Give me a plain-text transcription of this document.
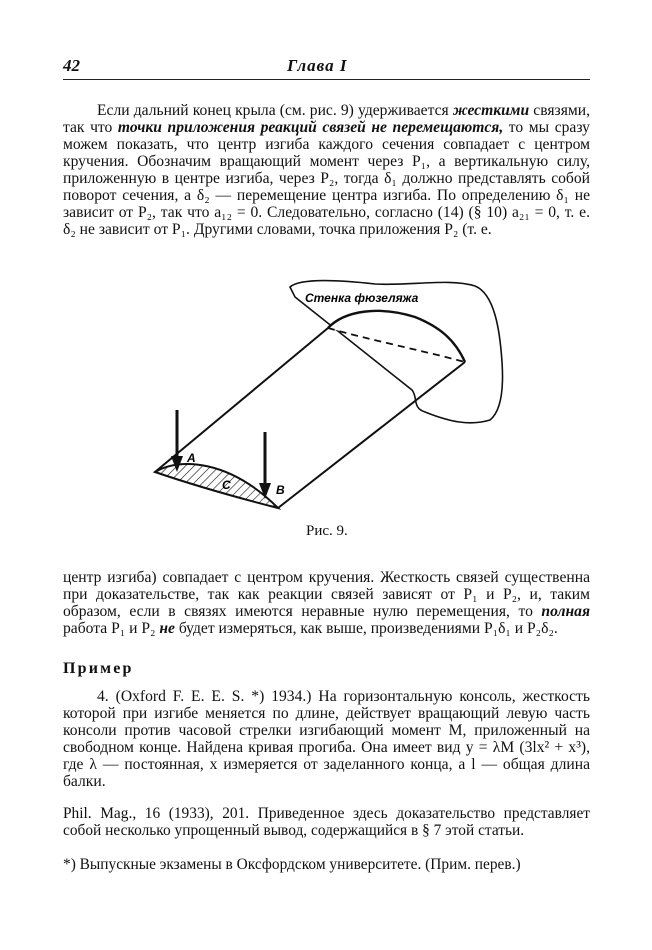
42	Глава I
Если дальний конец крыла (см. рис. 9) удерживается жесткими связями, так что точки приложения реакций связей не перемещаются, то мы сразу можем показать, что центр изгиба каждого сечения совпадает с центром кручения. Обозначим вращающий момент через P₁, а вертикальную силу, приложенную в центре изгиба, через P₂, тогда δ₁ должно представлять собой поворот сечения, а δ₂ — перемещение центра изгиба. По определению δ₁ не зависит от P₂, так что a₁₂ = 0. Следовательно, согласно (14) (§ 10) a₂₁ = 0, т. е. δ₂ не зависит от P₁. Другими словами, точка приложения P₂ (т. е.
Стенка фюзеляжа
A
C	B
Рис. 9.
центр изгиба) совпадает с центром кручения. Жесткость связей существенна при доказательстве, так как реакции связей зависят от P₁ и P₂, и, таким образом, если в связях имеются неравные нулю перемещения, то полная работа P₁ и P₂ не будет измеряться, как выше, произведениями P₁δ₁ и P₂δ₂.
Пример
4. (Oxford F. E. E. S. *) 1934.) На горизонтальную консоль, жесткость которой при изгибе меняется по длине, действует вращающий левую часть консоли против часовой стрелки изгибающий момент M, приложенный на свободном конце. Найдена кривая прогиба. Она имеет вид y = λM (3lx² + x³), где λ — постоянная, x измеряется от заделанного конца, а l — общая длина балки.
Phil. Mag., 16 (1933), 201. Приведенное здесь доказательство представляет собой несколько упрощенный вывод, содержащийся в § 7 этой статьи.
*) Выпускные экзамены в Оксфордском университете. (Прим. перев.)
